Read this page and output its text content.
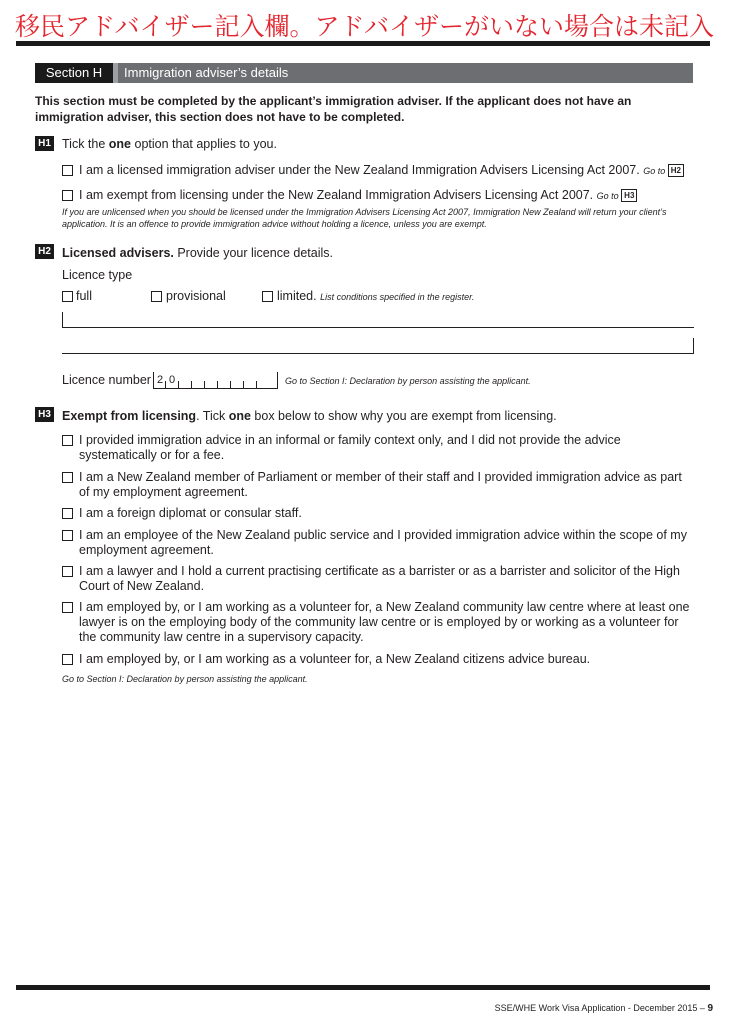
移民アドバイザー記入欄。アドバイザーがいない場合は未記入
Section H	Immigration adviser’s details
This section must be completed by the applicant’s immigration adviser. If the applicant does not have an immigration adviser, this section does not have to be completed.
H1 Tick the one option that applies to you.
I am a licensed immigration adviser under the New Zealand Immigration Advisers Licensing Act 2007. Go to H2
I am exempt from licensing under the New Zealand Immigration Advisers Licensing Act 2007. Go to H3
If you are unlicensed when you should be licensed under the Immigration Advisers Licensing Act 2007, Immigration New Zealand will return your client’s application. It is an offence to provide immigration advice without holding a licence, unless you are exempt.
H2 Licensed advisers. Provide your licence details.
Licence type
full	provisional	limited. List conditions specified in the register.
Licence number 2 0	Go to Section I: Declaration by person assisting the applicant.
H3 Exempt from licensing. Tick one box below to show why you are exempt from licensing.
I provided immigration advice in an informal or family context only, and I did not provide the advice systematically or for a fee.
I am a New Zealand member of Parliament or member of their staff and I provided immigration advice as part of my employment agreement.
I am a foreign diplomat or consular staff.
I am an employee of the New Zealand public service and I provided immigration advice within the scope of my employment agreement.
I am a lawyer and I hold a current practising certificate as a barrister or as a barrister and solicitor of the High Court of New Zealand.
I am employed by, or I am working as a volunteer for, a New Zealand community law centre where at least one lawyer is on the employing body of the community law centre or is employed by or working as a volunteer for the community law centre in a supervisory capacity.
I am employed by, or I am working as a volunteer for, a New Zealand citizens advice bureau.
Go to Section I: Declaration by person assisting the applicant.
SSE/WHE Work Visa Application - December 2015 – 9
